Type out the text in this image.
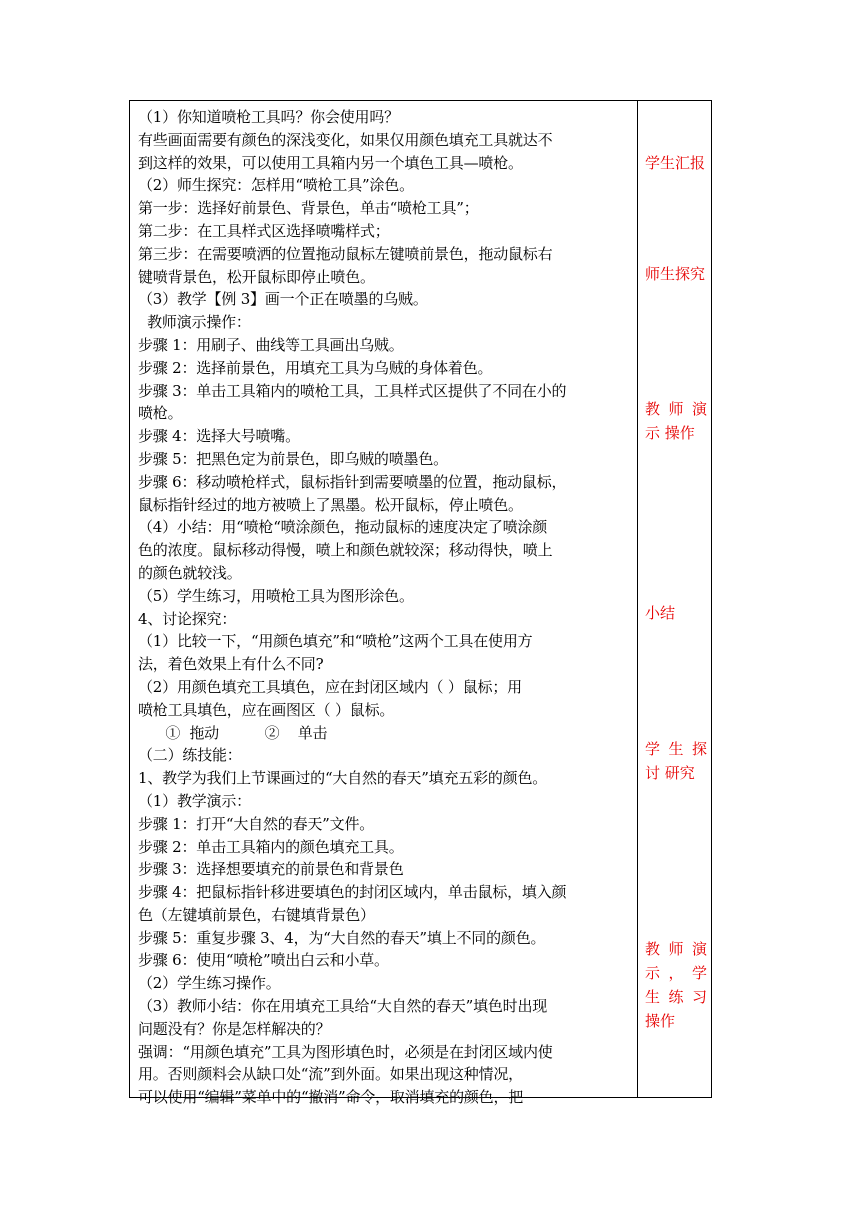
（1）你知道喷枪工具吗？你会使用吗？

有些画面需要有颜色的深浅变化，如果仅用颜色填充工具就达不

到这样的效果，可以使用工具箱内另一个填色工具—喷枪。

（2）师生探究：怎样用“喷枪工具”涂色。

第一步：选择好前景色、背景色，单击“喷枪工具”；

第二步：在工具样式区选择喷嘴样式；

第三步：在需要喷洒的位置拖动鼠标左键喷前景色，拖动鼠标右

键喷背景色，松开鼠标即停止喷色。

（3）教学【例 3】画一个正在喷墨的乌贼。

教师演示操作：

步骤 1：用刷子、曲线等工具画出乌贼。

步骤 2：选择前景色，用填充工具为乌贼的身体着色。

步骤 3：单击工具箱内的喷枪工具，工具样式区提供了不同在小的

喷枪。

步骤 4：选择大号喷嘴。

步骤 5：把黑色定为前景色，即乌贼的喷墨色。

步骤 6：移动喷枪样式，鼠标指针到需要喷墨的位置，拖动鼠标，

鼠标指针经过的地方被喷上了黑墨。松开鼠标，停止喷色。

（4）小结：用“喷枪“喷涂颜色，拖动鼠标的速度决定了喷涂颜

色的浓度。鼠标移动得慢，喷上和颜色就较深；移动得快，喷上

的颜色就较浅。

（5）学生练习，用喷枪工具为图形涂色。

4、讨论探究：

（1）比较一下，“用颜色填充”和“喷枪”这两个工具在使用方

法，着色效果上有什么不同?

（2）用颜色填充工具填色，应在封闭区域内（ ）鼠标；用

喷枪工具填色，应在画图区（ ）鼠标。

①  拖动          ②    单击

（二）练技能：

1、教学为我们上节课画过的“大自然的春天”填充五彩的颜色。

（1）教学演示：

步骤 1：打开“大自然的春天”文件。

步骤 2：单击工具箱内的颜色填充工具。

步骤 3：选择想要填充的前景色和背景色

步骤 4：把鼠标指针移进要填色的封闭区域内，单击鼠标，填入颜

色（左键填前景色，右键填背景色）

步骤 5：重复步骤 3、4，为“大自然的春天”填上不同的颜色。

步骤 6：使用“喷枪”喷出白云和小草。

（2）学生练习操作。

（3）教师小结：你在用填充工具给“大自然的春天”填色时出现

问题没有？你是怎样解决的？

强调：“用颜色填充”工具为图形填色时，必须是在封闭区域内使

用。否则颜料会从缺口处“流”到外面。如果出现这种情况，

可以使用“编辑”菜单中的“撤消”命令，取消填充的颜色，把

学生汇报
师生探究
教 师 演 示 操作
小结
学 生 探 讨 研究
教师演示，学 生 练 习 操作
